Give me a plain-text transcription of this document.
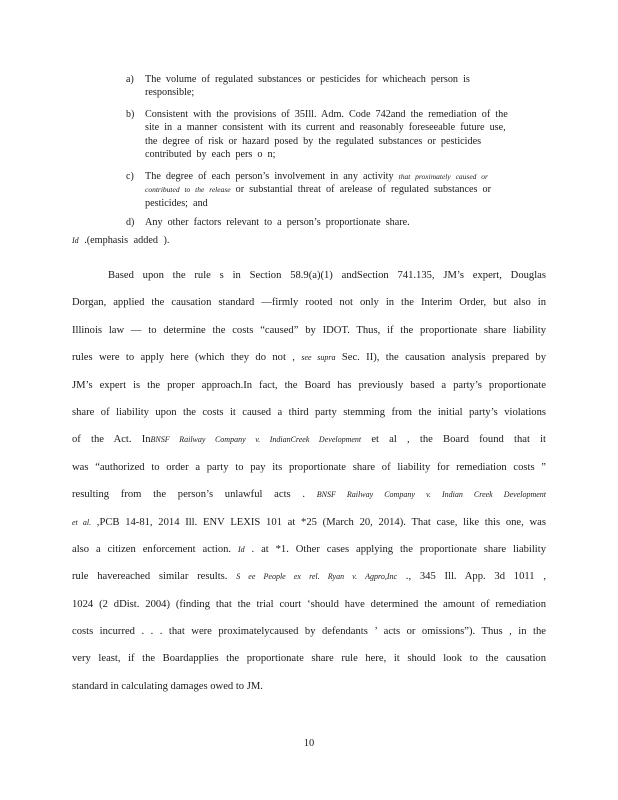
a) The volume of regulated substances or pesticides for whicheach person is responsible;
b) Consistent with the provisions of 35Ill. Adm. Code 742and the remediation of the site in a manner consistent with its current and reasonably foreseeable future use, the degree of risk or hazard posed by the regulated substances or pesticides contributed by each pers o n;
c) The degree of each person’s involvement in any activity that proximately caused or contributed to the release or substantial threat of arelease of regulated substances or pesticides; and
d) Any other factors relevant to a person’s proportionate share.
Id .(emphasis added ).
Based upon the rule s in Section 58.9(a)(1) andSection 741.135, JM’s expert, Douglas
Dorgan, applied the causation standard —firmly rooted not only in the Interim Order, but also in
Illinois law — to determine the costs “caused” by IDOT. Thus, if the proportionate share liability
rules were to apply here (which they do not , see supra Sec. II), the causation analysis prepared by
JM’s expert is the proper approach.In fact, the Board has previously based a party’s proportionate
share of liability upon the costs it caused a third party stemming from the initial party’s violations
of the Act. InBNSF Railway Company v. IndianCreek Development et al , the Board found that it
was “authorized to order a party to pay its proportionate share of liability for remediation costs ”
resulting from the person’s unlawful acts . BNSF Railway Company v. Indian Creek Development
et al. ,PCB 14-81, 2014 Ill. ENV LEXIS 101 at *25 (March 20, 2014). That case, like this one, was
also a citizen enforcement action. Id . at *1. Other cases applying the proportionate share liability
rule havereached similar results. S ee People ex rel. Ryan v. Agpro,Inc ., 345 Ill. App. 3d 1011 ,
1024 (2 dDist. 2004) (finding that the trial court ‘should have determined the amount of remediation
costs incurred . . . that were proximatelycaused by defendants ’ acts or omissions”). Thus , in the
very least, if the Boardapplies the proportionate share rule here, it should look to the causation
standard in calculating damages owed to JM.
10
